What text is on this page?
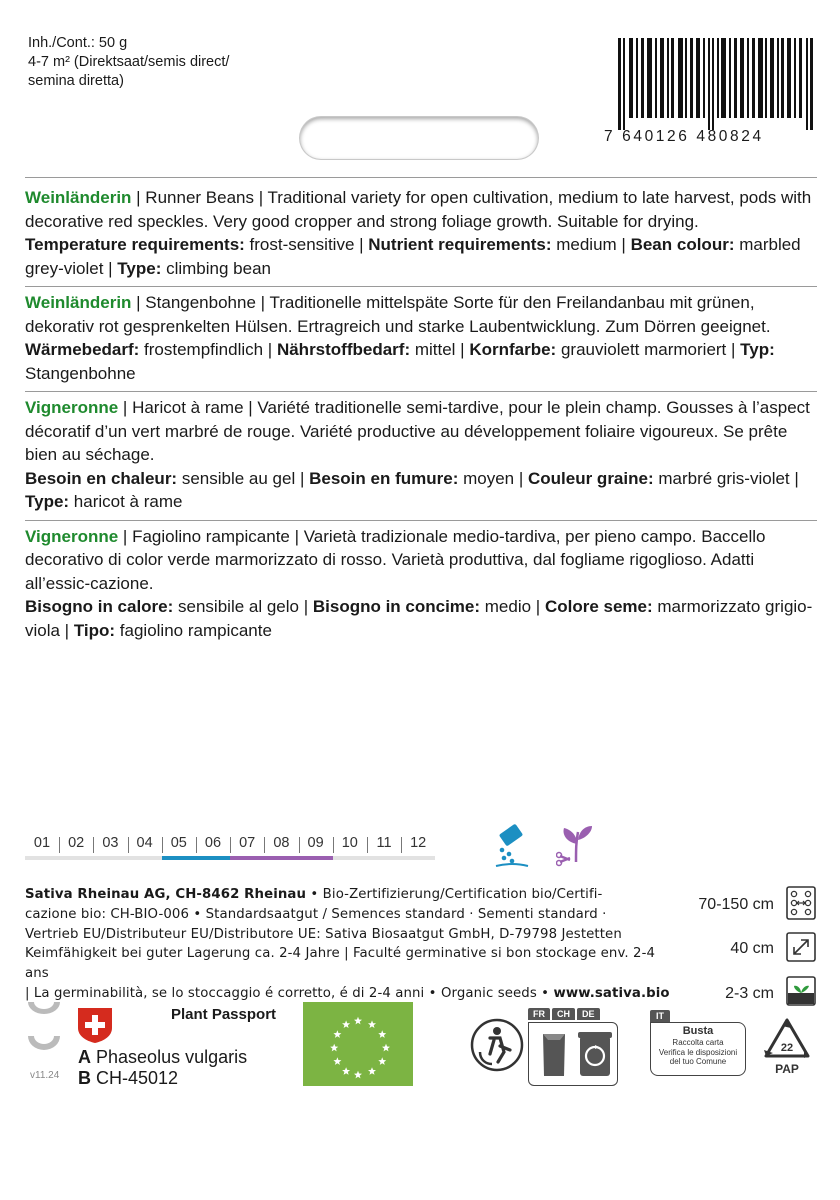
Inh./Cont.: 50 g
4-7 m² (Direktsaat/semis direct/
semina diretta)
7 640126 480824

Weinländerin | Runner Beans | Traditional variety for open cultivation, medium to late harvest, pods with decorative red speckles. Very good cropper and strong foliage growth. Suitable for drying.

Temperature requirements: frost-sensitive | Nutrient requirements: medium | Bean colour: marbled grey-violet | Type: climbing bean

Weinländerin | Stangenbohne | Traditionelle mittelspäte Sorte für den Freilandanbau mit grünen, dekorativ rot gesprenkelten Hülsen. Ertragreich und starke Laubentwicklung. Zum Dörren geeignet.

Wärmebedarf: frostempfindlich | Nährstoffbedarf: mittel | Kornfarbe: grauviolett marmoriert | Typ: Stangenbohne

Vigneronne | Haricot à rame | Variété traditionelle semi-tardive, pour le plein champ. Gousses à l’aspect décoratif d’un vert marbré de rouge. Variété productive au développement foliaire vigoureux. Se prête bien au séchage.

Besoin en chaleur: sensible au gel | Besoin en fumure: moyen | Couleur graine: marbré gris-violet | Type: haricot à rame

Vigneronne | Fagiolino rampicante | Varietà tradizionale medio-tardiva, per pieno campo. Baccello decorativo di color verde marmorizzato di rosso. Varietà produttiva, dal fogliame rigoglioso. Adatti all’essic-cazione.

Bisogno in calore: sensibile al gelo | Bisogno in concime: medio | Colore seme: marmorizzato grigio-viola | Tipo: fagiolino rampicante

01	02	03	04	05	06	07	08	09	10	11	12
Sativa Rheinau AG, CH-8462 Rheinau • Bio-Zertifizierung/Certification bio/Certifi-
cazione bio: CH-BIO-006 • Standardsaatgut / Semences standard · Sementi standard ·
Vertrieb EU/Distributeur EU/Distributore UE: Sativa Biosaatgut GmbH, D-79798 Jestetten
Keimfähigkeit bei guter Lagerung ca. 2-4 Jahre | Faculté germinative si bon stockage env. 2-4 ans
| La germinabilità, se lo stoccaggio é corretto, é di 2-4 anni • Organic seeds • www.sativa.bio
70-150 cm
40 cm
2-3 cm
v11.24
Plant Passport
A Phaseolus vulgaris
B CH-45012
FR	CH	DE	IT
Busta
Raccolta carta
Verifica le disposizioni
del tuo Comune
22
PAP
